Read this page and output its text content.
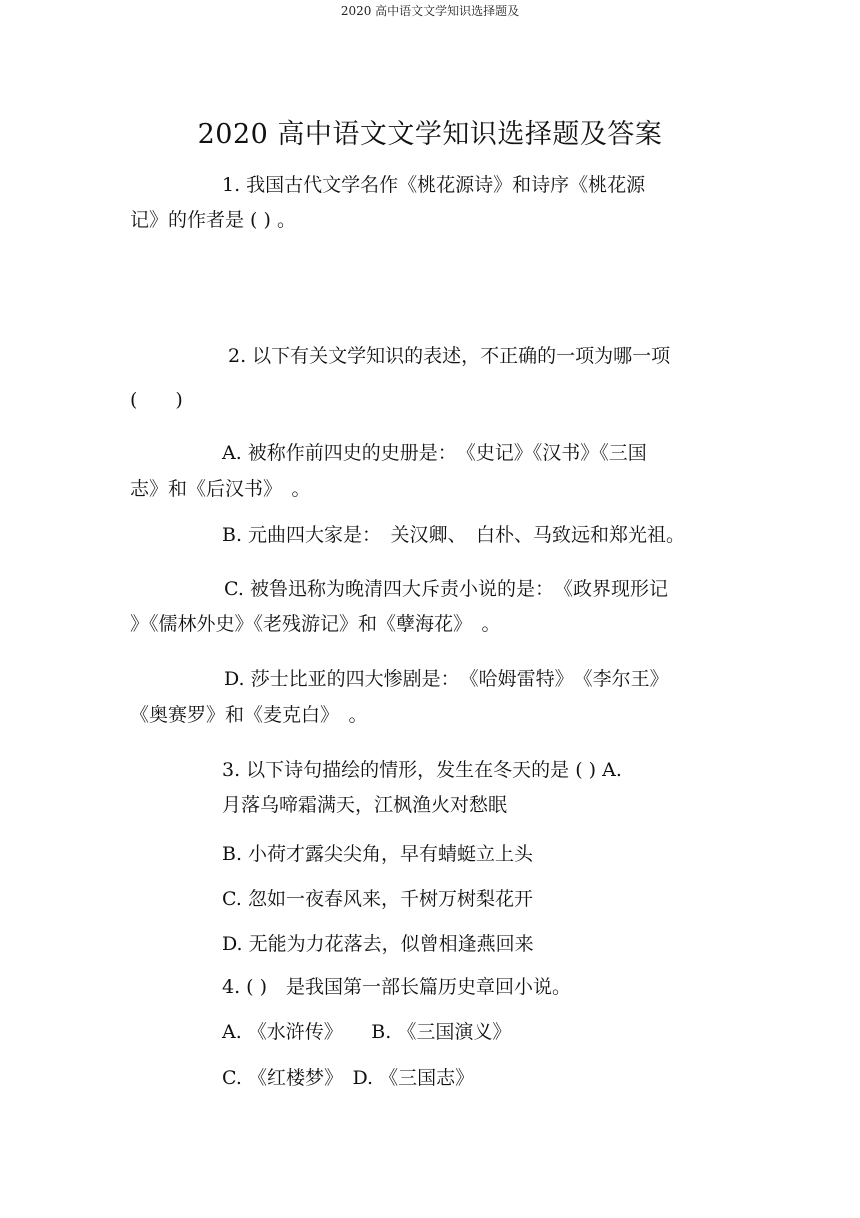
2020 高中语文文学知识选择题及
2020 高中语文文学知识选择题及答案
1. 我国古代文学名作《桃花源诗》和诗序《桃花源
记》的作者是 ( ) 。
2. 以下有关文学知识的表述，不正确的一项为哪一项
(　　)
A. 被称作前四史的史册是：　《史记》《汉书》《三国
志》和《后汉书》　。
B. 元曲四大家是：　关汉卿、　白朴、马致远和郑光祖。
C. 被鲁迅称为晚清四大斥责小说的是：　《政界现形记
》《儒林外史》《老残游记》和《孽海花》　。
D. 莎士比亚的四大惨剧是：　《哈姆雷特》　《李尔王》
《奥赛罗》和《麦克白》　。
3. 以下诗句描绘的情形，发生在冬天的是 ( ) A.
月落乌啼霜满天，江枫渔火对愁眠
B. 小荷才露尖尖角，早有蜻蜓立上头
C. 忽如一夜春风来，千树万树梨花开
D. 无能为力花落去，似曾相逢燕回来
4. ( )　是我国第一部长篇历史章回小说。
A. 《水浒传》　　B. 《三国演义》
C. 《红楼梦》　D. 《三国志》
